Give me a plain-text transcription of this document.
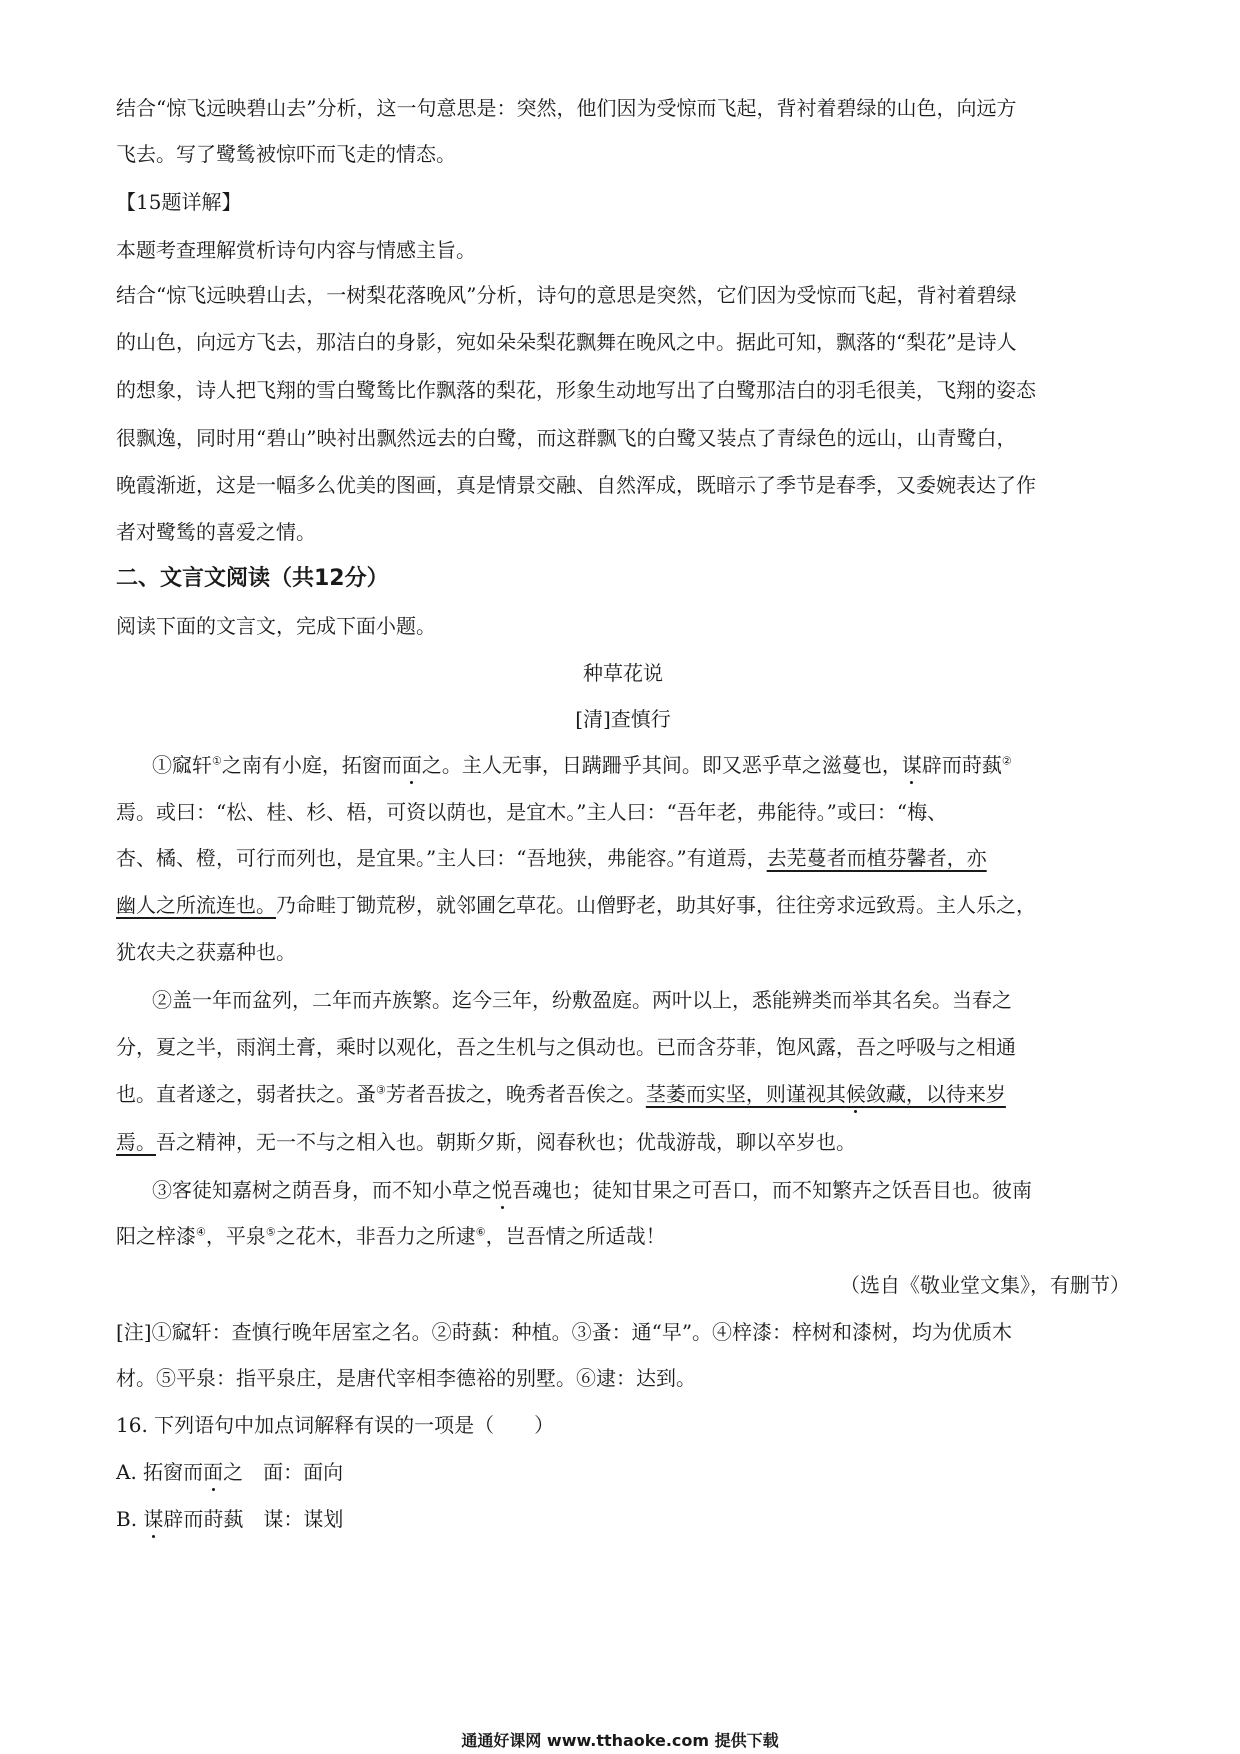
结合“惊飞远映碧山去”分析，这一句意思是：突然，他们因为受惊而飞起，背衬着碧绿的山色，向远方
飞去。写了鹭鸶被惊吓而飞走的情态。
【15题详解】
本题考查理解赏析诗句内容与情感主旨。
结合“惊飞远映碧山去，一树梨花落晚风”分析，诗句的意思是突然，它们因为受惊而飞起，背衬着碧绿
的山色，向远方飞去，那洁白的身影，宛如朵朵梨花飘舞在晚风之中。据此可知，飘落的“梨花”是诗人
的想象，诗人把飞翔的雪白鹭鸶比作飘落的梨花，形象生动地写出了白鹭那洁白的羽毛很美，飞翔的姿态
很飘逸，同时用“碧山”映衬出飘然远去的白鹭，而这群飘飞的白鹭又装点了青绿色的远山，山青鹭白，
晚霞渐逝，这是一幅多么优美的图画，真是情景交融、自然浑成，既暗示了季节是春季，又委婉表达了作
者对鹭鸶的喜爱之情。
二、文言文阅读（共12分）
阅读下面的文言文，完成下面小题。
种草花说
[清]查慎行
①窳轩①之南有小庭，拓窗而面之。主人无事，日蹒跚乎其间。即又恶乎草之滋蔓也，谋辟而莳蓺②
焉。或曰：“松、桂、杉、梧，可资以荫也，是宜木。”主人曰：“吾年老，弗能待。”或曰：“梅、
杏、橘、橙，可行而列也，是宜果。”主人曰：“吾地狭，弗能容。”有道焉，去芜蔓者而植芬馨者，亦
幽人之所流连也。乃命畦丁锄荒秽，就邻圃乞草花。山僧野老，助其好事，往往旁求远致焉。主人乐之，
犹农夫之获嘉种也。
②盖一年而盆列，二年而卉族繁。迄今三年，纷敷盈庭。两叶以上，悉能辨类而举其名矣。当春之
分，夏之半，雨润土膏，乘时以观化，吾之生机与之俱动也。已而含芬菲，饱风露，吾之呼吸与之相通
也。直者遂之，弱者扶之。蚤③芳者吾拔之，晚秀者吾俟之。茎萎而实坚，则谨视其候敛藏，以待来岁
焉。吾之精神，无一不与之相入也。朝斯夕斯，阅春秋也；优哉游哉，聊以卒岁也。
③客徒知嘉树之荫吾身，而不知小草之悦吾魂也；徒知甘果之可吾口，而不知繁卉之饫吾目也。彼南
阳之梓漆④，平泉⑤之花木，非吾力之所逮⑥，岂吾情之所适哉！
（选自《敬业堂文集》，有删节）
[注]①窳轩：查慎行晚年居室之名。②莳蓺：种植。③蚤：通“早”。④梓漆：梓树和漆树，均为优质木
材。⑤平泉：指平泉庄，是唐代宰相李德裕的别墅。⑥逮：达到。
16. 下列语句中加点词解释有误的一项是（　　）
A. 拓窗而面之　面：面向
B. 谋辟而莳蓺　谋：谋划
通通好课网 www.tthaoke.com 提供下载
